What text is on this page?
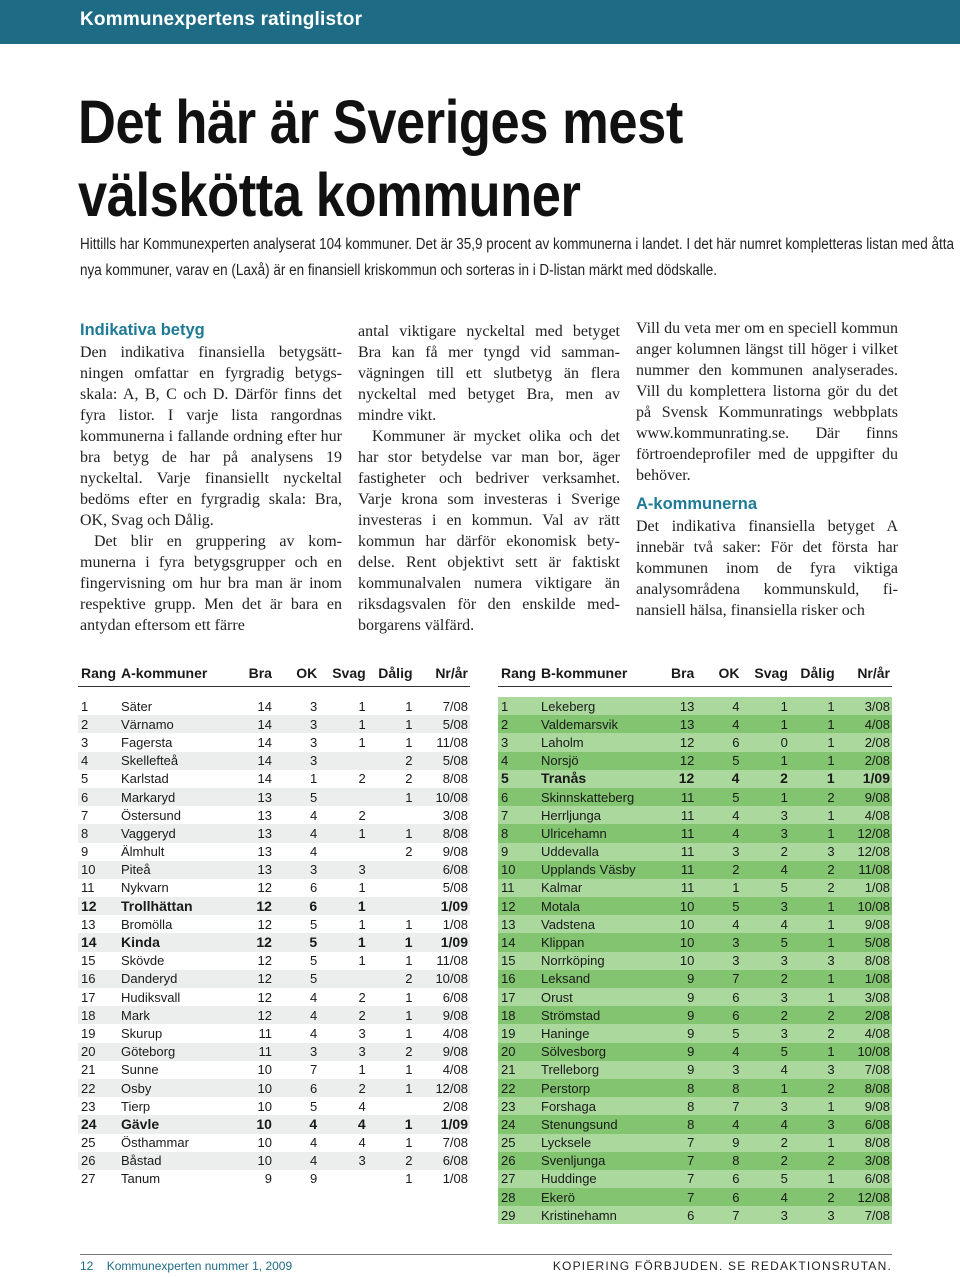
Kommunexpertens ratinglistor
Det här är Sveriges mest
välskötta kommuner
Hittills har Kommunexperten analyserat 104 kommuner. Det är 35,9 procent av kommunerna i landet. I det här numret kompletteras listan med åtta nya kommuner, varav en (Laxå) är en finansiell kriskommun och sorteras in i D-listan märkt med dödskalle.
Indikativa betyg

Den indikativa finansiella betygsättningen omfattar en fyrgradig betygsskala: A, B, C och D. Därför finns det fyra listor. I varje lista rangordnas kommunerna i fallande ordning efter hur bra betyg de har på analysens 19 nyckeltal. Varje finansiellt nyckeltal bedöms efter en fyrgradig skala: Bra, OK, Svag och Dålig.

Det blir en gruppering av kommunerna i fyra betygsgrupper och en fingervisning om hur bra man är inom respektive grupp. Men det är bara en antydan eftersom ett färre

antal viktigare nyckeltal med betyget Bra kan få mer tyngd vid sammanvägningen till ett slutbetyg än flera nyckeltal med betyget Bra, men av mindre vikt.

Kommuner är mycket olika och det har stor betydelse var man bor, äger fastigheter och bedriver verksamhet. Varje krona som investeras i Sverige investeras i en kommun. Val av rätt kommun har därför ekonomisk betydelse. Rent objektivt sett är faktiskt kommunalvalen numera viktigare än riksdagsvalen för den enskilde medborgarens välfärd.

Vill du veta mer om en speciell kommun anger kolumnen längst till höger i vilket nummer den kommunen analyserades. Vill du komplettera listorna gör du det på Svensk Kommunratings webbplats www.kommunrating.se. Där finns förtroendeprofiler med de uppgifter du behöver.

A-kommunerna

Det indikativa finansiella betyget A innebär två saker: För det första har kommunen inom de fyra viktiga analysområdena kommunskuld, finansiell hälsa, finansiella risker och

Rang	A-kommuner	Bra	OK	Svag	Dålig	Nr/år

1	Säter	14	3	1	1	7/08
2	Värnamo	14	3	1	1	5/08
3	Fagersta	14	3	1	1	11/08
4	Skellefteå	14	3		2	5/08
5	Karlstad	14	1	2	2	8/08
6	Markaryd	13	5		1	10/08
7	Östersund	13	4	2		3/08
8	Vaggeryd	13	4	1	1	8/08
9	Älmhult	13	4		2	9/08
10	Piteå	13	3	3		6/08
11	Nykvarn	12	6	1		5/08
12	Trollhättan	12	6	1		1/09
13	Bromölla	12	5	1	1	1/08
14	Kinda	12	5	1	1	1/09
15	Skövde	12	5	1	1	11/08
16	Danderyd	12	5		2	10/08
17	Hudiksvall	12	4	2	1	6/08
18	Mark	12	4	2	1	9/08
19	Skurup	11	4	3	1	4/08
20	Göteborg	11	3	3	2	9/08
21	Sunne	10	7	1	1	4/08
22	Osby	10	6	2	1	12/08
23	Tierp	10	5	4		2/08
24	Gävle	10	4	4	1	1/09
25	Östhammar	10	4	4	1	7/08
26	Båstad	10	4	3	2	6/08
27	Tanum	9	9		1	1/08
Rang	B-kommuner	Bra	OK	Svag	Dålig	Nr/år

1	Lekeberg	13	4	1	1	3/08
2	Valdemarsvik	13	4	1	1	4/08
3	Laholm	12	6	0	1	2/08
4	Norsjö	12	5	1	1	2/08
5	Tranås	12	4	2	1	1/09
6	Skinnskatteberg	11	5	1	2	9/08
7	Herrljunga	11	4	3	1	4/08
8	Ulricehamn	11	4	3	1	12/08
9	Uddevalla	11	3	2	3	12/08
10	Upplands Väsby	11	2	4	2	11/08
11	Kalmar	11	1	5	2	1/08
12	Motala	10	5	3	1	10/08
13	Vadstena	10	4	4	1	9/08
14	Klippan	10	3	5	1	5/08
15	Norrköping	10	3	3	3	8/08
16	Leksand	9	7	2	1	1/08
17	Orust	9	6	3	1	3/08
18	Strömstad	9	6	2	2	2/08
19	Haninge	9	5	3	2	4/08
20	Sölvesborg	9	4	5	1	10/08
21	Trelleborg	9	3	4	3	7/08
22	Perstorp	8	8	1	2	8/08
23	Forshaga	8	7	3	1	9/08
24	Stenungsund	8	4	4	3	6/08
25	Lycksele	7	9	2	1	8/08
26	Svenljunga	7	8	2	2	3/08
27	Huddinge	7	6	5	1	6/08
28	Ekerö	7	6	4	2	12/08
29	Kristinehamn	6	7	3	3	7/08
12 Kommunexperten nummer 1, 2009	KOPIERING FÖRBJUDEN. SE REDAKTIONSRUTAN.
